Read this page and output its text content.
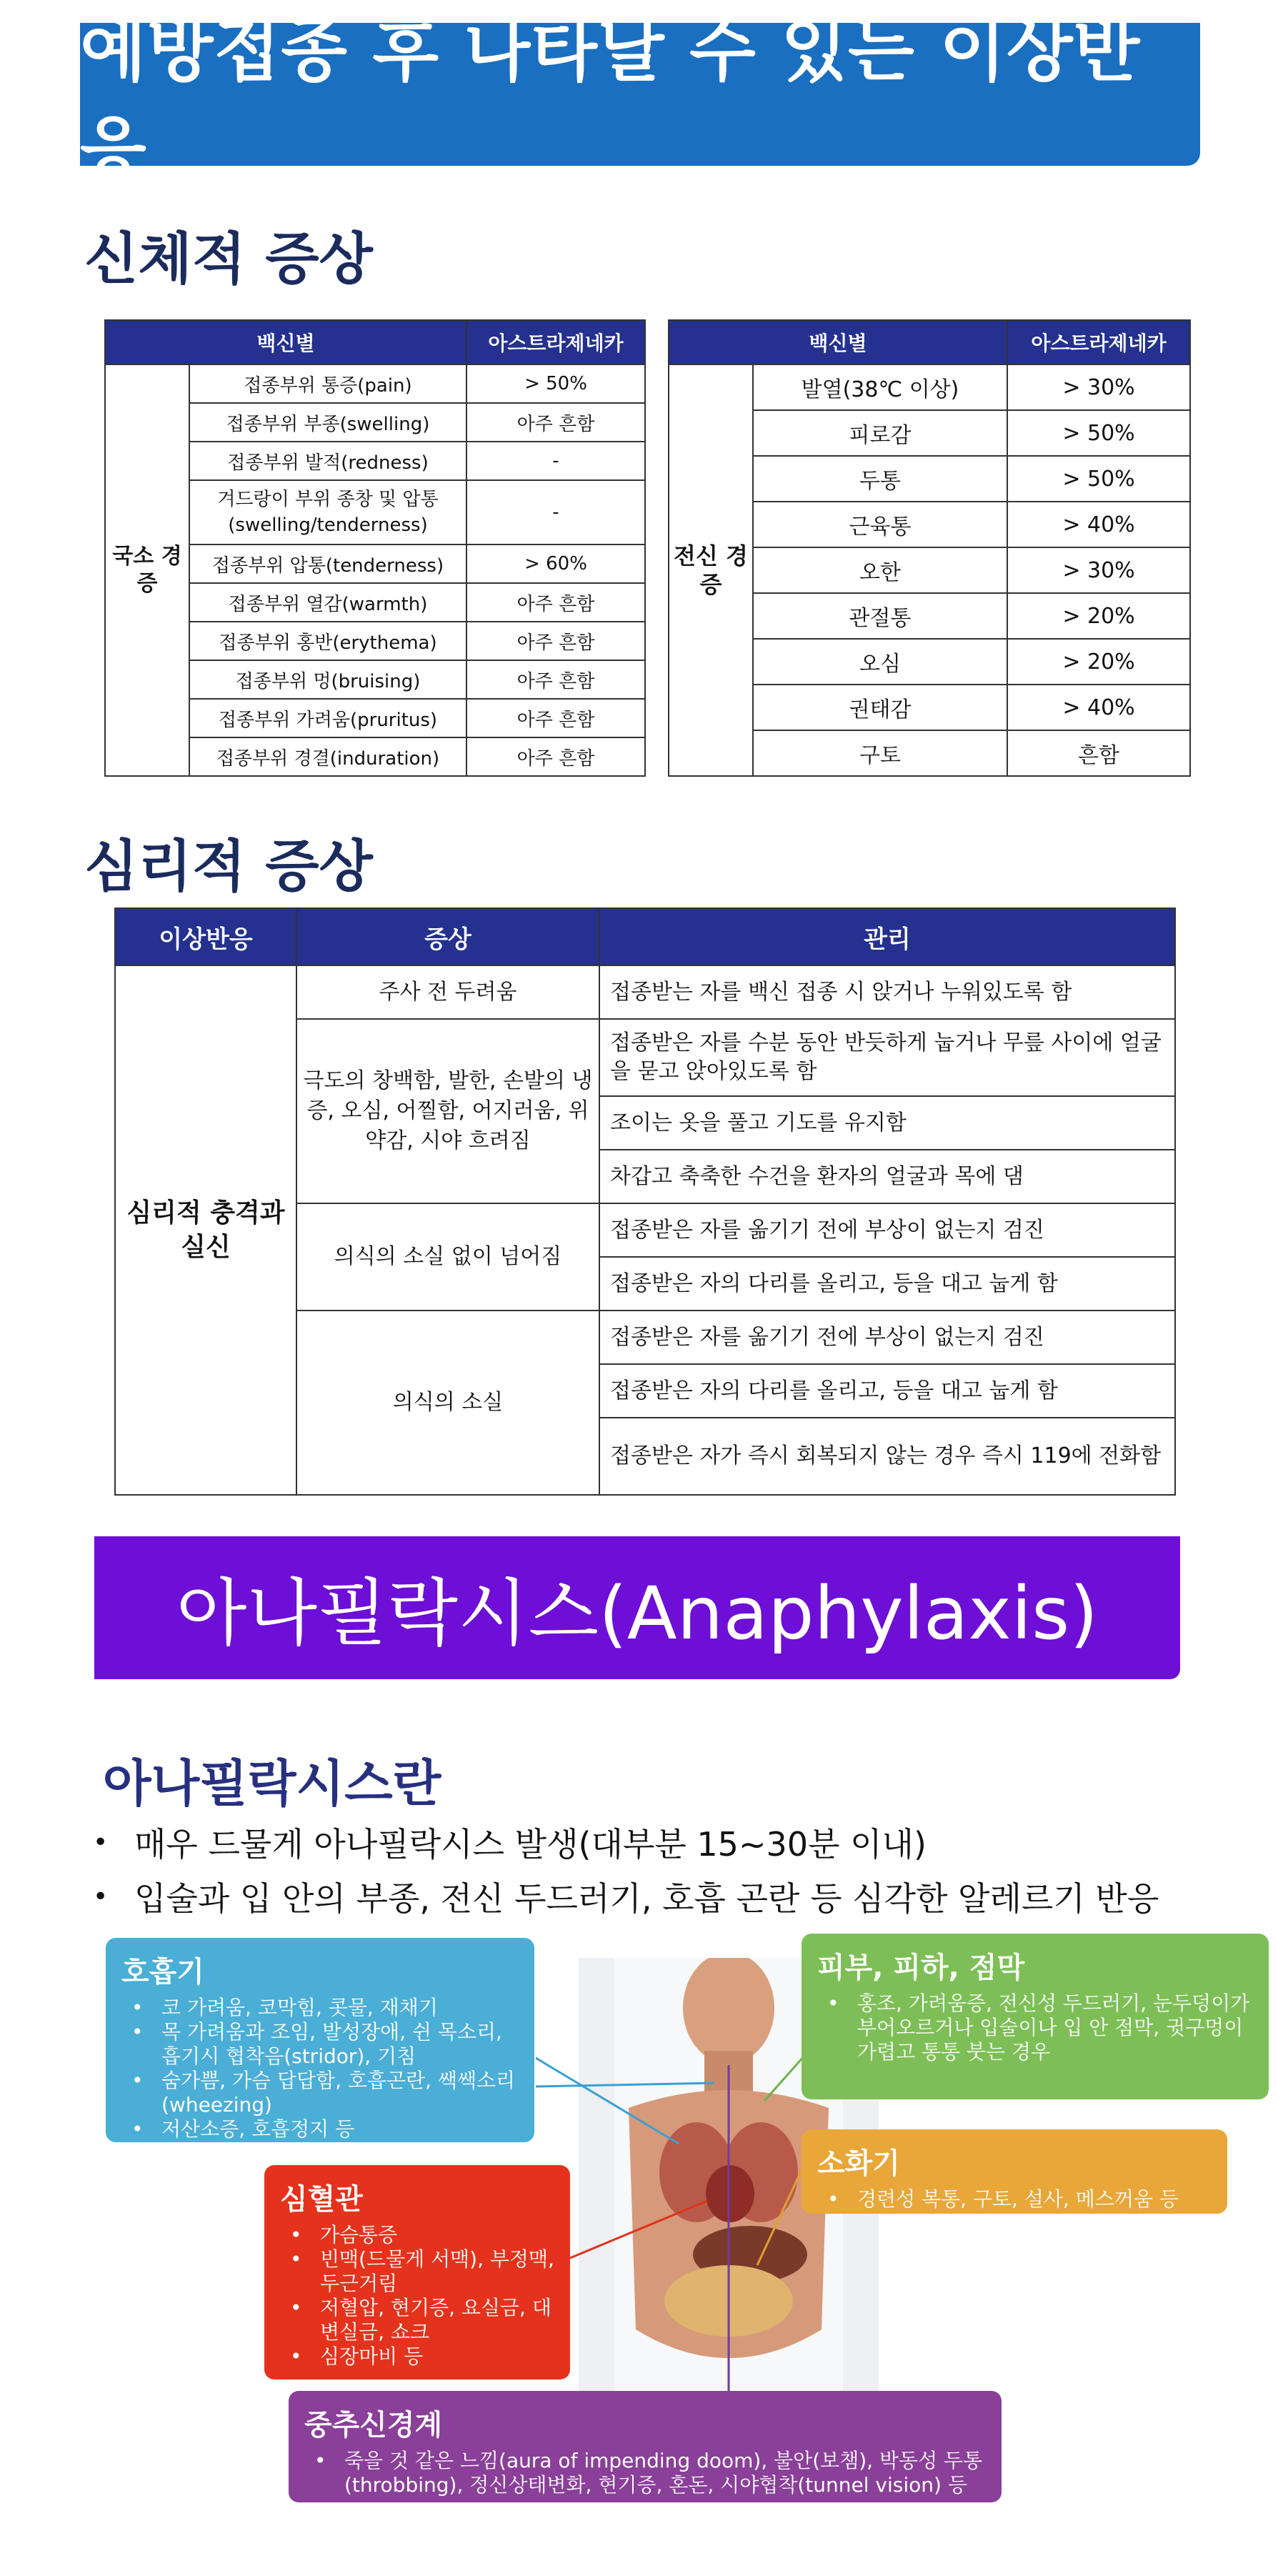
예방접종 후 나타날 수 있는 이상반응
신체적 증상
백신별		아스트라제네카
국소 경증	접종부위 통증(pain)	> 50%
	접종부위 부종(swelling)	아주 흔함
	접종부위 발적(redness)	-
	겨드랑이 부위 종창 및 압통 (swelling/tenderness)	-
	접종부위 압통(tenderness)	> 60%
	접종부위 열감(warmth)	아주 흔함
	접종부위 홍반(erythema)	아주 흔함
	접종부위 멍(bruising)	아주 흔함
	접종부위 가려움(pruritus)	아주 흔함
	접종부위 경결(induration)	아주 흔함
백신별		아스트라제네카
전신 경증	발열(38℃ 이상)	> 30%
	피로감	> 50%
	두통	> 50%
	근육통	> 40%
	오한	> 30%
	관절통	> 20%
	오심	> 20%
	권태감	> 40%
	구토	흔함
심리적 증상
이상반응	증상	관리
심리적 충격과 실신	주사 전 두려움	접종받는 자를 백신 접종 시 앉거나 누워있도록 함
	극도의 창백함, 발한, 손발의 냉증, 오심, 어찔함, 어지러움, 위약감, 시야 흐려짐	접종받은 자를 수분 동안 반듯하게 눕거나 무릎 사이에 얼굴을 묻고 앉아있도록 함
		조이는 옷을 풀고 기도를 유지함
		차갑고 축축한 수건을 환자의 얼굴과 목에 댐
	의식의 소실 없이 넘어짐	접종받은 자를 옮기기 전에 부상이 없는지 검진
		접종받은 자의 다리를 올리고, 등을 대고 눕게 함
	의식의 소실	접종받은 자를 옮기기 전에 부상이 없는지 검진
		접종받은 자의 다리를 올리고, 등을 대고 눕게 함
		접종받은 자가 즉시 회복되지 않는 경우 즉시 119에 전화함
아나필락시스(Anaphylaxis)
아나필락시스란
• 매우 드물게 아나필락시스 발생(대부분 15~30분 이내)
• 입술과 입 안의 부종, 전신 두드러기, 호흡 곤란 등 심각한 알레르기 반응
호흡기
• 코 가려움, 코막힘, 콧물, 재채기
• 목 가려움과 조임, 발성장애, 쉰 목소리, 흡기시 협착음(stridor), 기침
• 숨가쁨, 가슴 답답함, 호흡곤란, 쌕쌕소리 (wheezing)
• 저산소증, 호흡정지 등
피부, 피하, 점막
• 홍조, 가려움증, 전신성 두드러기, 눈두덩이가 부어오르거나 입술이나 입 안 점막, 귓구멍이 가렵고 통통 붓는 경우
소화기
• 경련성 복통, 구토, 설사, 메스꺼움 등
심혈관
• 가슴통증
• 빈맥(드물게 서맥), 부정맥, 두근거림
• 저혈압, 현기증, 요실금, 대변실금, 쇼크
• 심장마비 등
중추신경계
• 죽을 것 같은 느낌(aura of impending doom), 불안(보챔), 박동성 두통 (throbbing), 정신상태변화, 현기증, 혼돈, 시야협착(tunnel vision) 등
